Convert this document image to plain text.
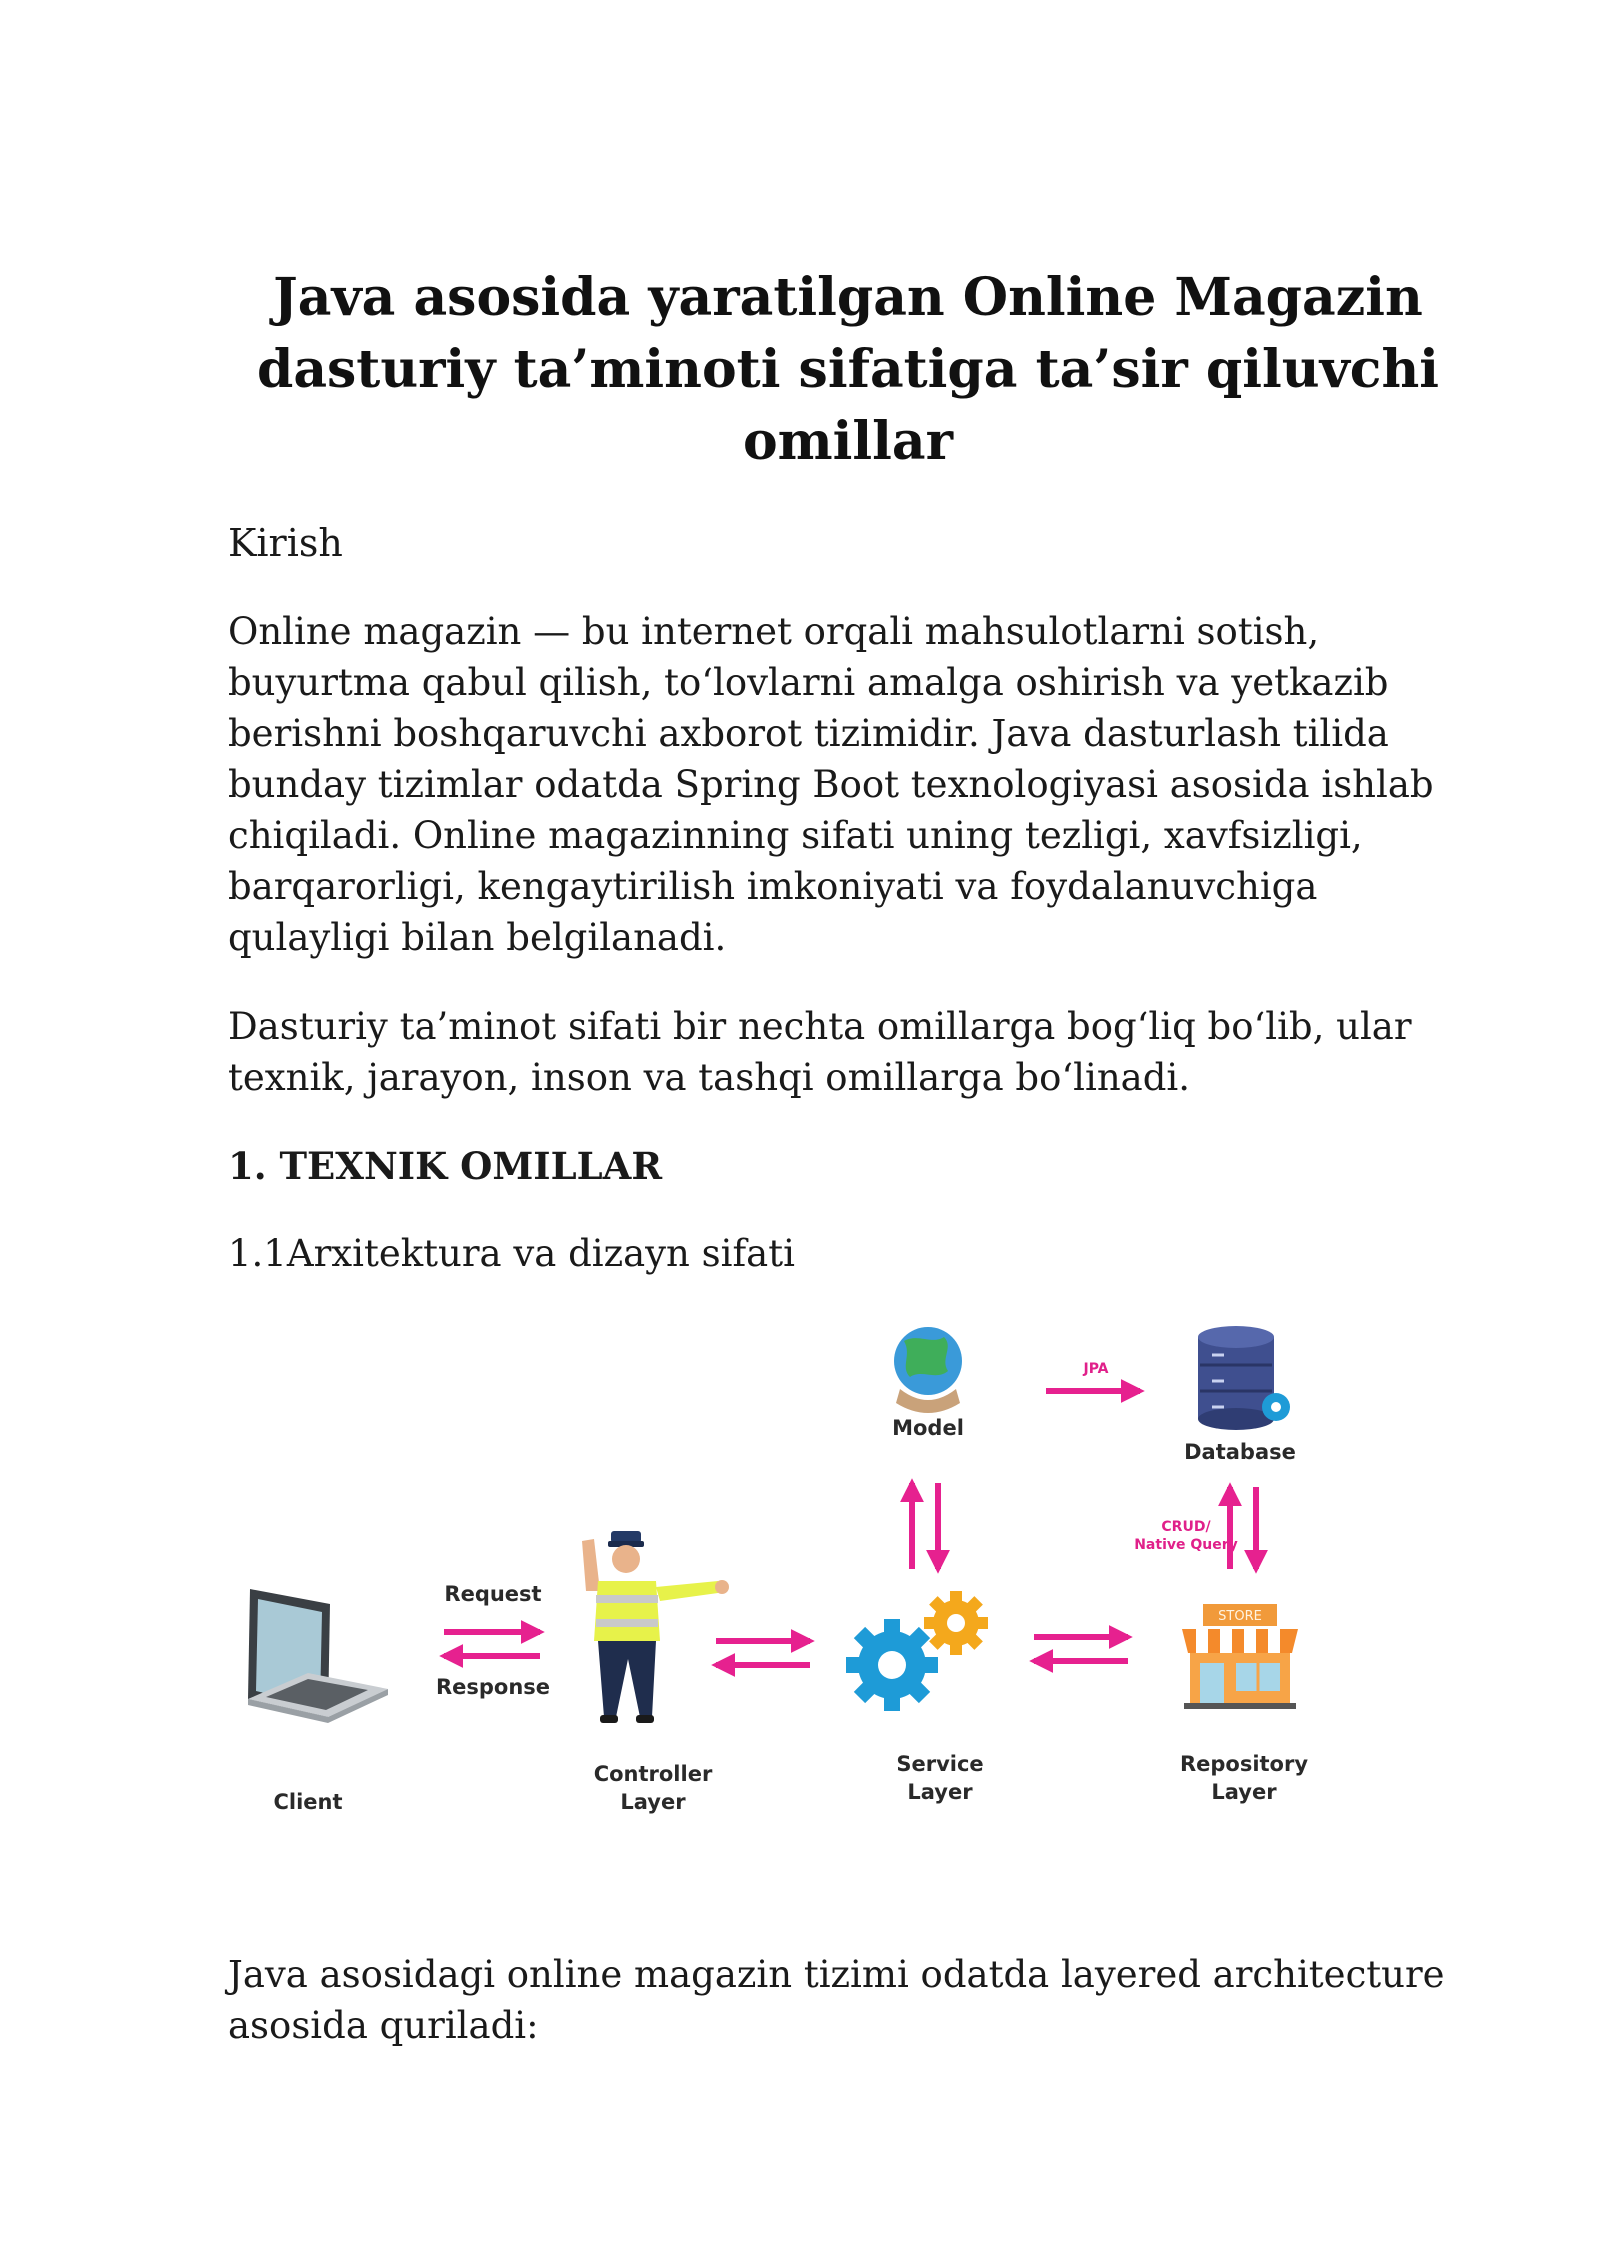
Java asosida yaratilgan Online Magazin
dasturiy ta’minoti sifatiga ta’sir qiluvchi
omillar
Kirish

Online magazin — bu internet orqali mahsulotlarni sotish, buyurtma qabul qilish, to‘lovlarni amalga oshirish va yetkazib berishni boshqaruvchi axborot tizimidir. Java dasturlash tilida bunday tizimlar odatda Spring Boot texnologiyasi asosida ishlab chiqiladi. Online magazinning sifati uning tezligi, xavfsizligi, barqarorligi, kengaytirilish imkoniyati va foydalanuvchiga qulayligi bilan belgilanadi.

Dasturiy ta’minot sifati bir nechta omillarga bog‘liq bo‘lib, ular texnik, jarayon, inson va tashqi omillarga bo‘linadi.

1. TEXNIK OMILLAR
1.1Arxitektura va dizayn sifati
Client
Request
Response
Controller
Layer
Service
Layer
Model
JPA
Database
CRUD/
Native Query
STORE
Repository
Layer

Java asosidagi online magazin tizimi odatda layered architecture asosida quriladi:
